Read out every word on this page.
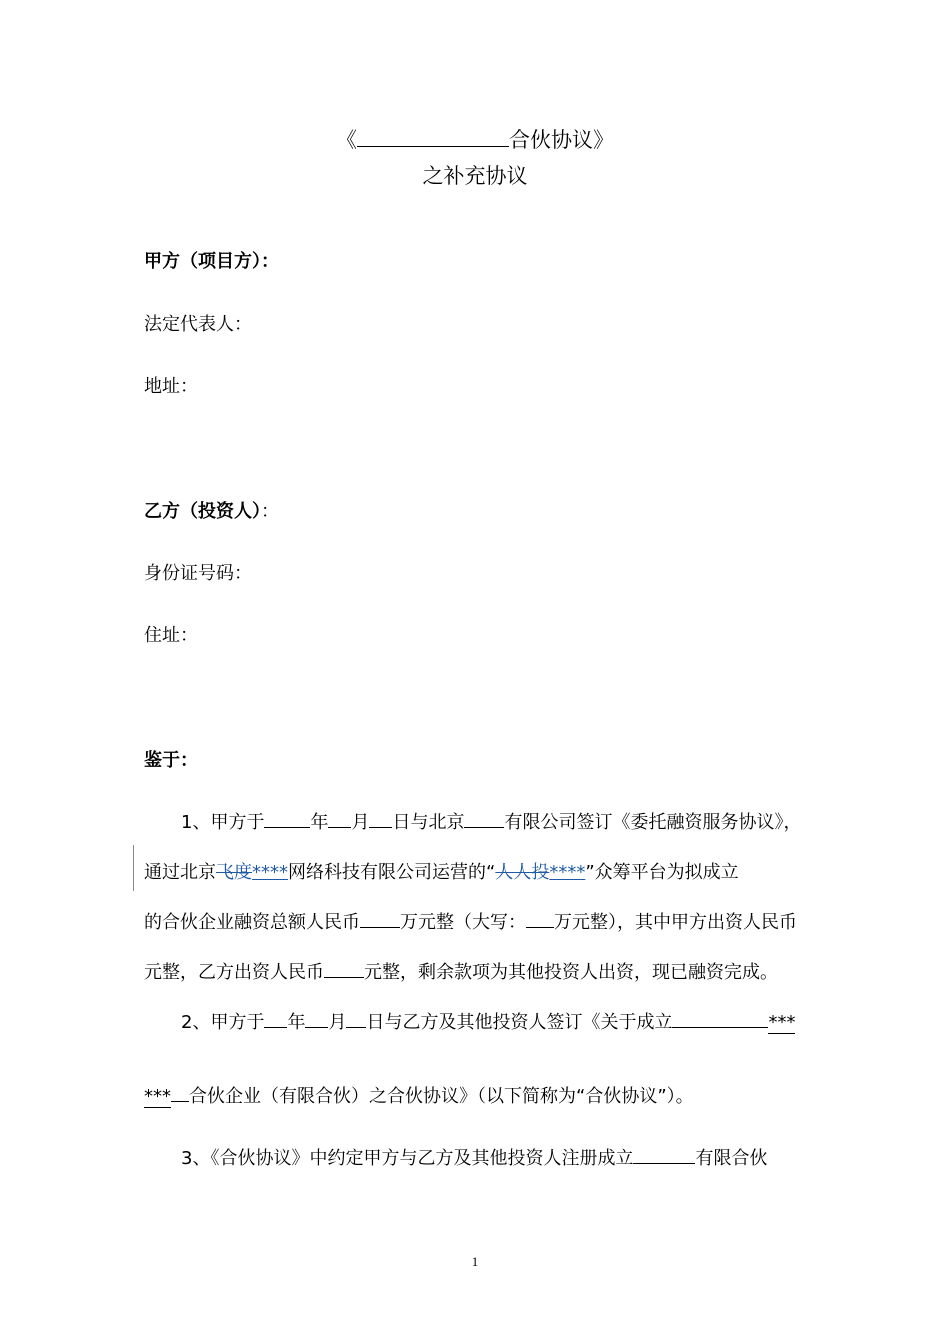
《	合伙协议》
之补充协议
甲方（项目方）：
法定代表人：
地址：
乙方（投资人）：
身份证号码：
住址：
鉴于：
1、甲方于	年 月 日与北京 有限公司签订《委托融资服务协议》，
通过北京飞度****网络科技有限公司运营的“人人投****”众筹平台为拟成立
的合伙企业融资总额人民币 万元整（大写： 万元整），其中甲方出资人民币
元整，乙方出资人民币 元整，剩余款项为其他投资人出资，现已融资完成。
2、甲方于 年 月 日与乙方及其他投资人签订《关于成立	***
*** 合伙企业（有限合伙）之合伙协议》（以下简称为“合伙协议”）。
3、《合伙协议》中约定甲方与乙方及其他投资人注册成立	有限合伙
1
